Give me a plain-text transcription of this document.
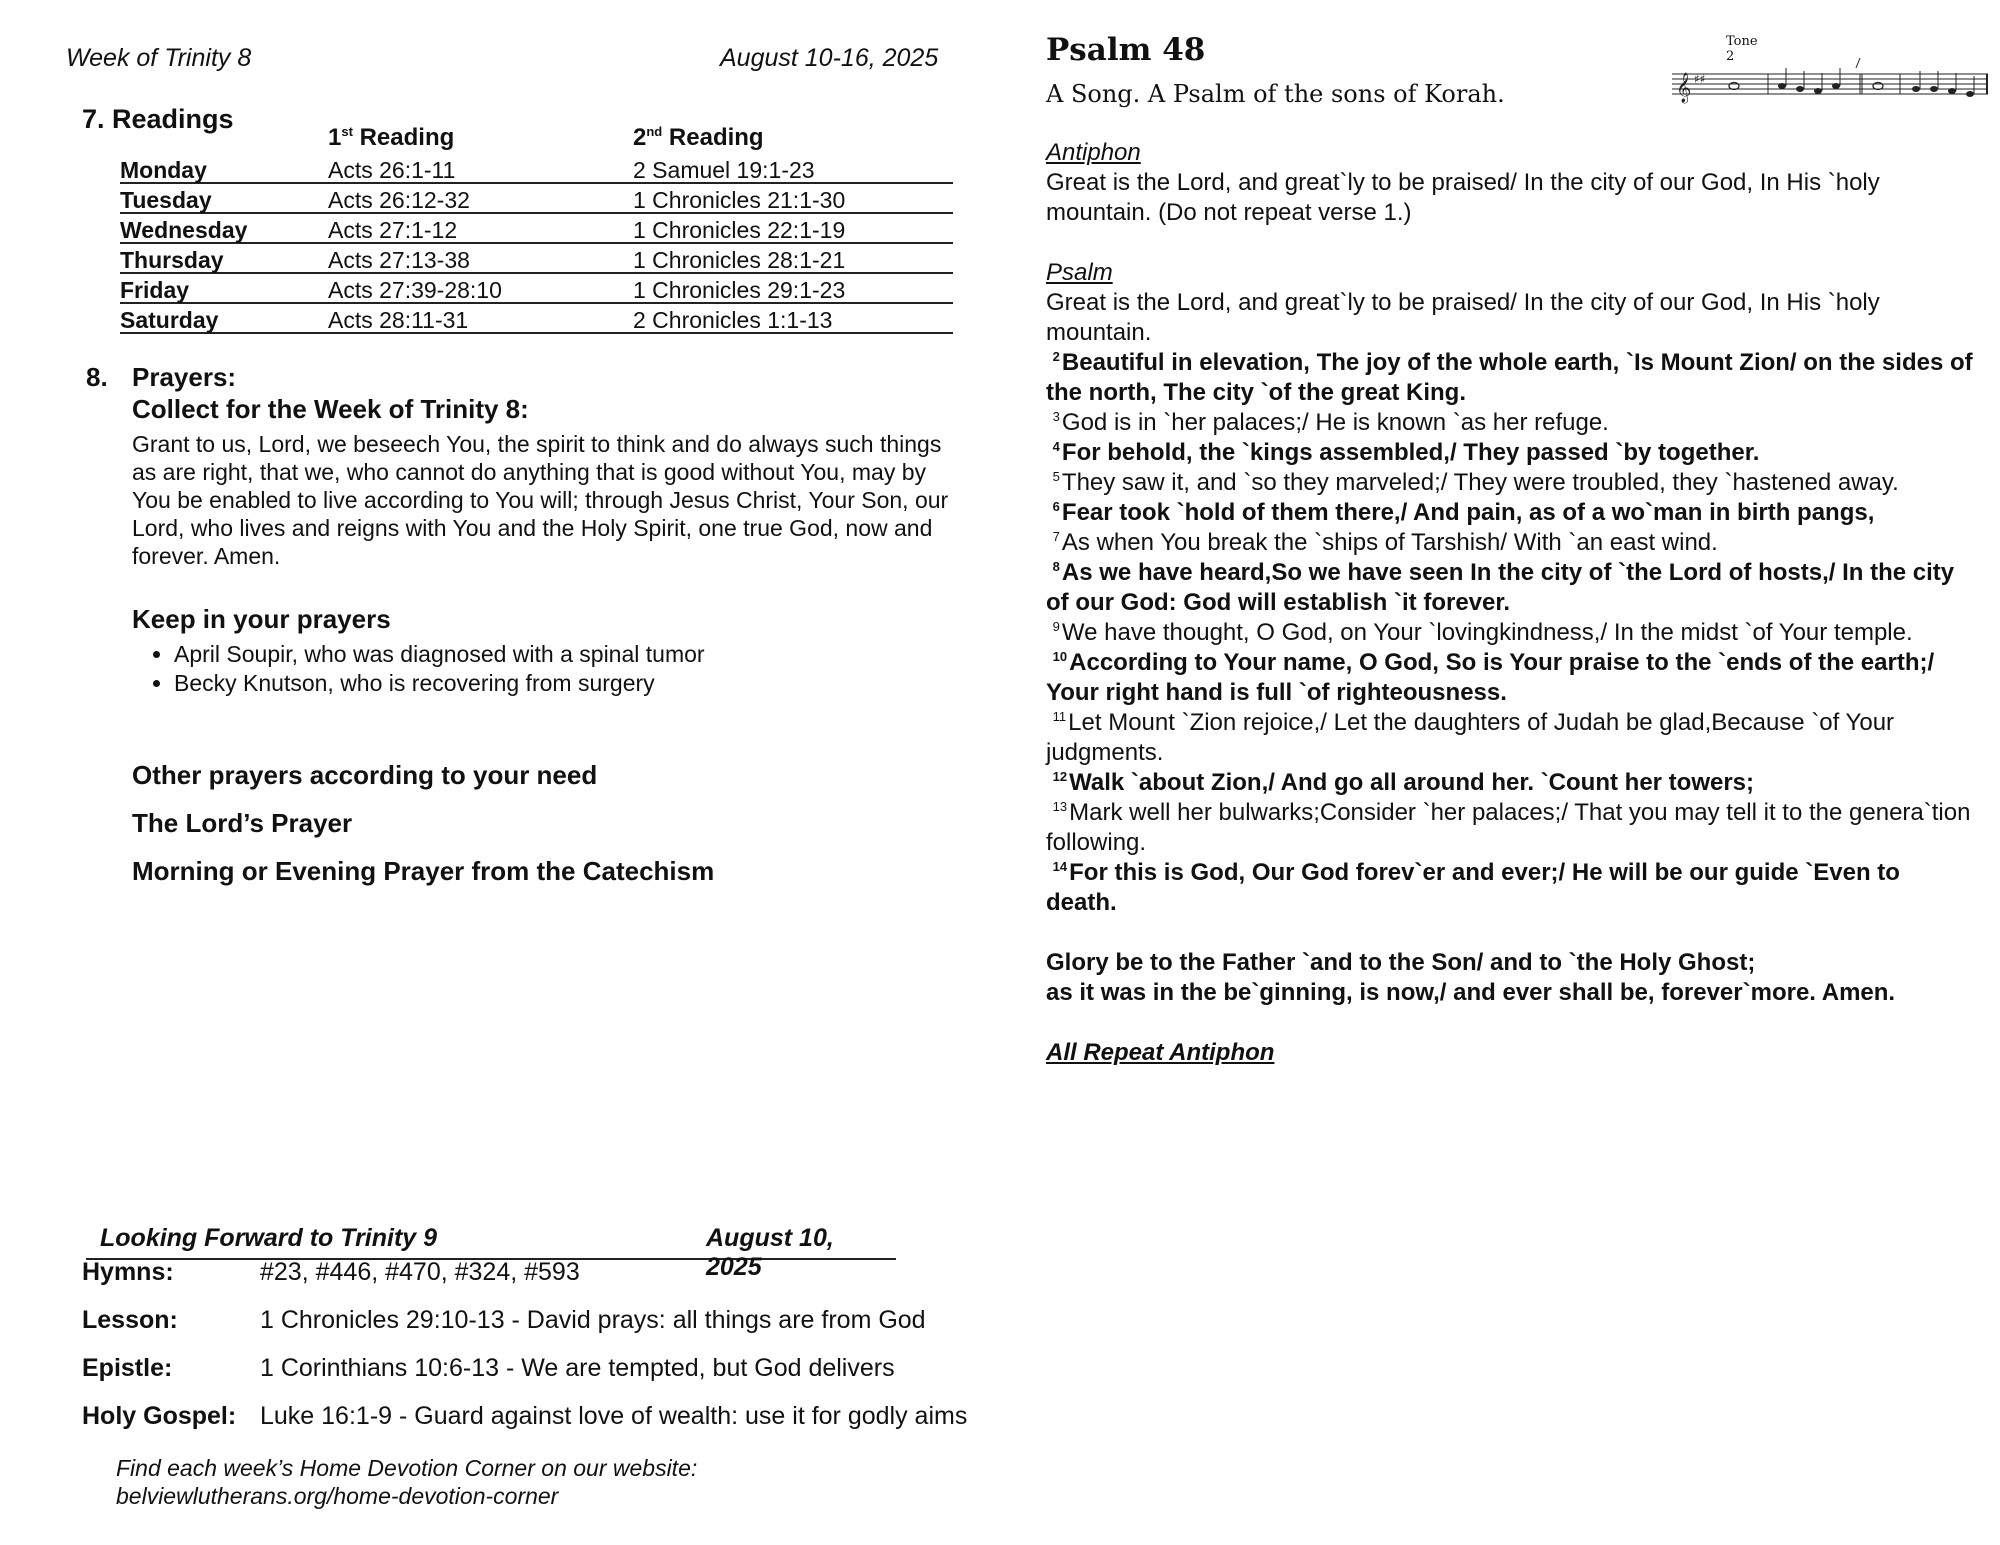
Week of Trinity 8	August 10-16, 2025
7. Readings
	1st Reading	2nd Reading
Monday	Acts 26:1-11	2 Samuel 19:1-23
Tuesday	Acts 26:12-32	1 Chronicles 21:1-30
Wednesday	Acts 27:1-12	1 Chronicles 22:1-19
Thursday	Acts 27:13-38	1 Chronicles 28:1-21
Friday	Acts 27:39-28:10	1 Chronicles 29:1-23
Saturday	Acts 28:11-31	2 Chronicles 1:1-13
8. Prayers:
Collect for the Week of Trinity 8:
Grant to us, Lord, we beseech You, the spirit to think and do always such things as are right, that we, who cannot do anything that is good without You, may by You be enabled to live according to You will; through Jesus Christ, Your Son, our Lord, who lives and reigns with You and the Holy Spirit, one true God, now and forever. Amen.
Keep in your prayers
• April Soupir, who was diagnosed with a spinal tumor
• Becky Knutson, who is recovering from surgery
Other prayers according to your need
The Lord’s Prayer
Morning or Evening Prayer from the Catechism
Looking Forward to Trinity 9	August 10, 2025
Hymns:	#23, #446, #470, #324, #593
Lesson:	1 Chronicles 29:10-13 - David prays: all things are from God
Epistle:	1 Corinthians 10:6-13 - We are tempted, but God delivers
Holy Gospel: Luke 16:1-9 - Guard against love of wealth: use it for godly aims
Find each week’s Home Devotion Corner on our website:
belviewlutherans.org/home-devotion-corner
Psalm 48
A Song. A Psalm of the sons of Korah.
Tone 2
𝄞 ♯♯
Antiphon
Great is the Lord, and great`ly to be praised/ In the city of our God, In His `holy mountain. (Do not repeat verse 1.)
Psalm
Great is the Lord, and great`ly to be praised/ In the city of our God, In His `holy mountain.
$^2$Beautiful in elevation, The joy of the whole earth, `Is Mount Zion/ on the sides of the north, The city `of the great King.
$^3$God is in `her palaces;/ He is known `as her refuge.
$^4$For behold, the `kings assembled,/ They passed `by together.
$^5$They saw it, and `so they marveled;/ They were troubled, they `hastened away.
$^6$Fear took `hold of them there,/ And pain, as of a wo`man in birth pangs,
$^7$As when You break the `ships of Tarshish/ With `an east wind.
$^8$As we have heard,So we have seen In the city of `the Lord of hosts,/ In the city of our God: God will establish `it forever.
$^9$We have thought, O God, on Your `lovingkindness,/ In the midst `of Your temple.
$^{10}$According to Your name, O God, So is Your praise to the `ends of the earth;/ Your right hand is full `of righteousness.
$^{11}$Let Mount `Zion rejoice,/ Let the daughters of Judah be glad,Because `of Your judgments.
$^{12}$Walk `about Zion,/ And go all around her. `Count her towers;
$^{13}$Mark well her bulwarks;Consider `her palaces;/ That you may tell it to the genera`tion following.
$^{14}$For this is God, Our God forev`er and ever;/ He will be our guide `Even to death.
Glory be to the Father `and to the Son/ and to `the Holy Ghost;
as it was in the be`ginning, is now,/ and ever shall be, forever`more. Amen.
All Repeat Antiphon
